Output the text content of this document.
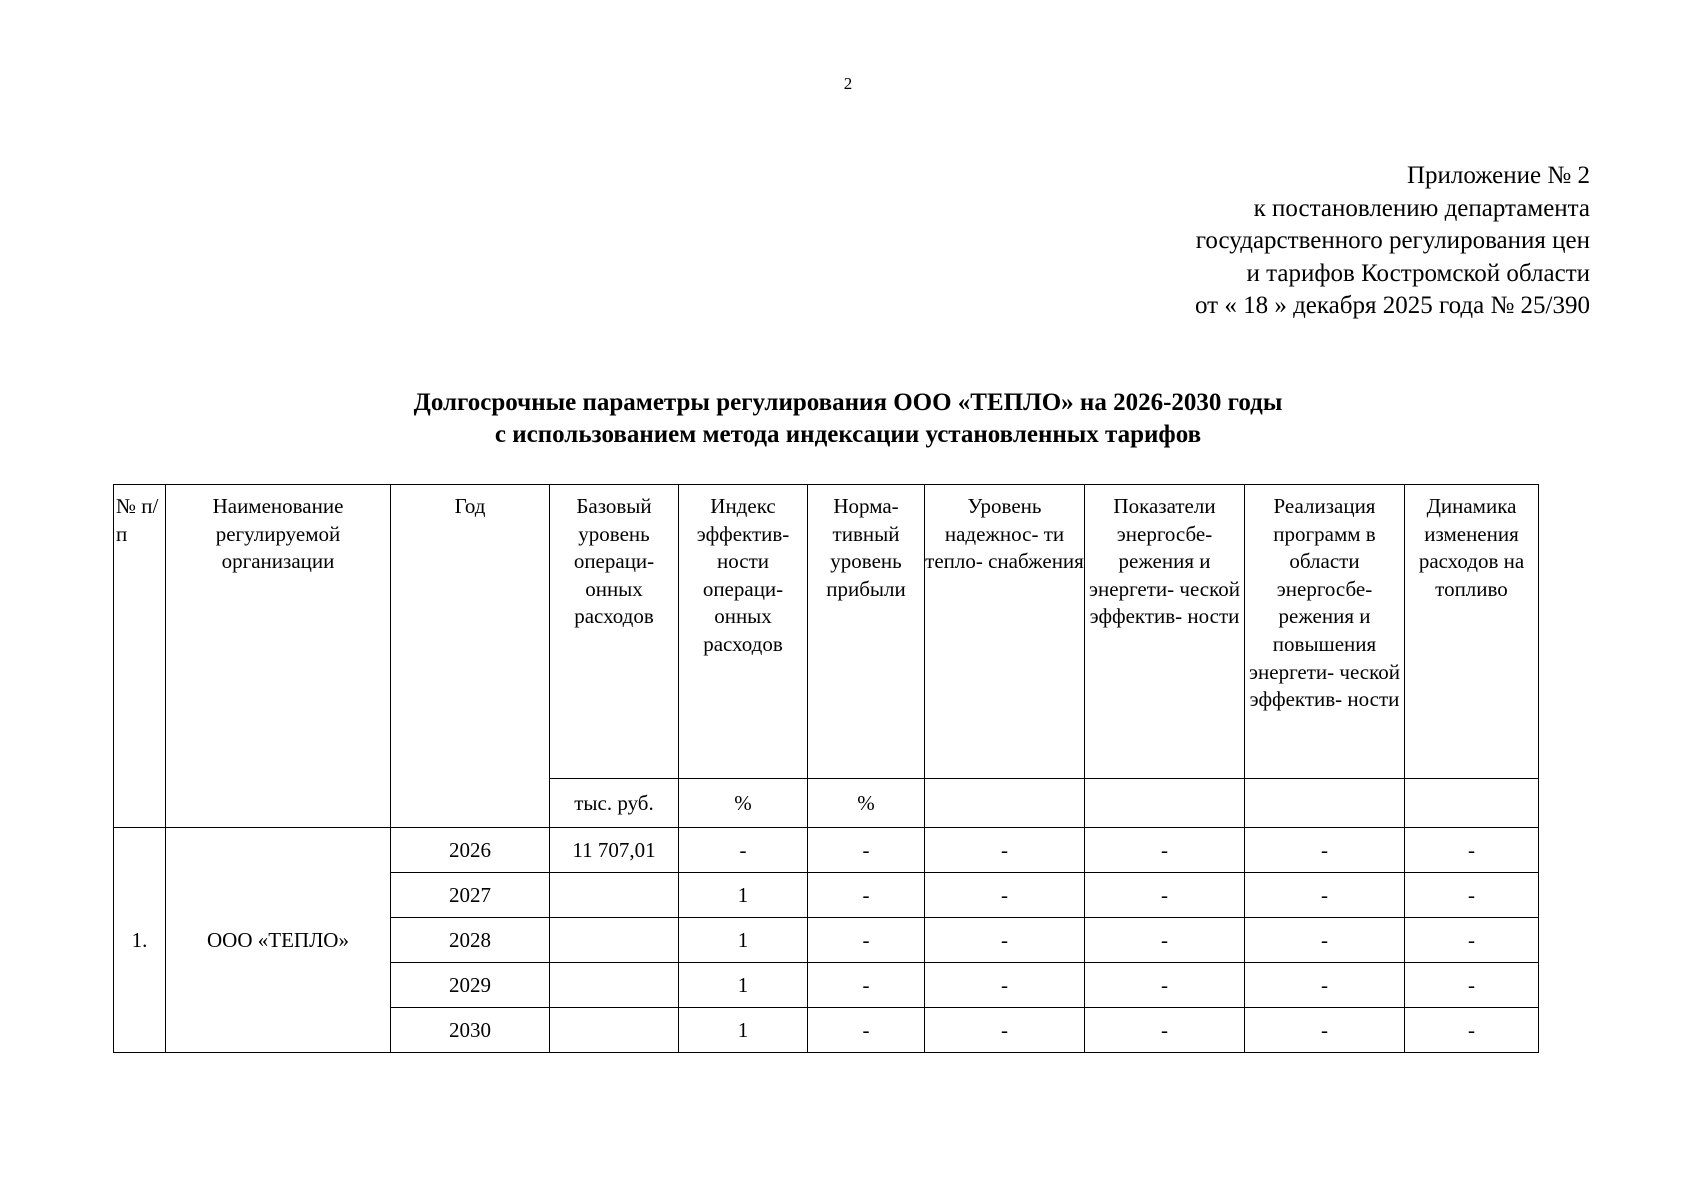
2
Приложение № 2
к постановлению департамента
государственного регулирования цен
и тарифов Костромской области
от « 18 » декабря 2025 года № 25/390
Долгосрочные параметры регулирования ООО «ТЕПЛО» на 2026-2030 годы
с использованием метода индексации установленных тарифов
№ п/п	Наименование регулируемой организации	Год	Базовый уровень операци- онных расходов	Индекс эффектив- ности операци- онных расходов	Норма- тивный уровень прибыли	Уровень надежнос- ти тепло- снабжения	Показатели энергосбе- режения и энергети- ческой эффектив- ности	Реализация программ в области энергосбе- режения и повышения энергети- ческой эффектив- ности	Динамика изменения расходов на топливо
			тыс. руб.	%	%				
1.	ООО «ТЕПЛО»	2026	11 707,01	-	-	-	-	-	-
		2027		1	-	-	-	-	-
		2028		1	-	-	-	-	-
		2029		1	-	-	-	-	-
		2030		1	-	-	-	-	-
